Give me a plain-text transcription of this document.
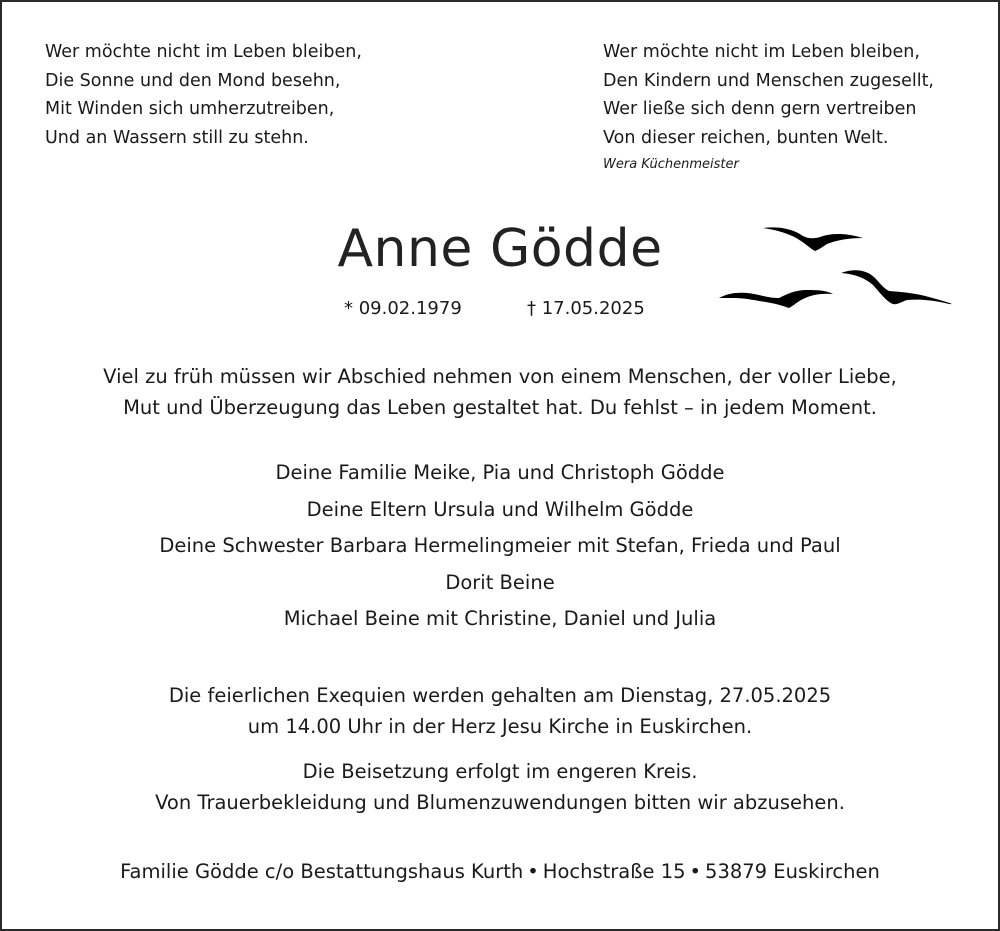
Wer möchte nicht im Leben bleiben,
Die Sonne und den Mond besehn,
Mit Winden sich umherzutreiben,
Und an Wassern still zu stehn.
Wer möchte nicht im Leben bleiben,
Den Kindern und Menschen zugesellt,
Wer ließe sich denn gern vertreiben
Von dieser reichen, bunten Welt.
Wera Küchenmeister
Anne Gödde
* 09.02.1979	† 17.05.2025
Viel zu früh müssen wir Abschied nehmen von einem Menschen, der voller Liebe,
Mut und Überzeugung das Leben gestaltet hat. Du fehlst – in jedem Moment.
Deine Familie Meike, Pia und Christoph Gödde
Deine Eltern Ursula und Wilhelm Gödde
Deine Schwester Barbara Hermelingmeier mit Stefan, Frieda und Paul
Dorit Beine
Michael Beine mit Christine, Daniel und Julia
Die feierlichen Exequien werden gehalten am Dienstag, 27.05.2025
um 14.00 Uhr in der Herz Jesu Kirche in Euskirchen.
Die Beisetzung erfolgt im engeren Kreis.
Von Trauerbekleidung und Blumenzuwendungen bitten wir abzusehen.
Familie Gödde c/o Bestattungshaus Kurth • Hochstraße 15 • 53879 Euskirchen
